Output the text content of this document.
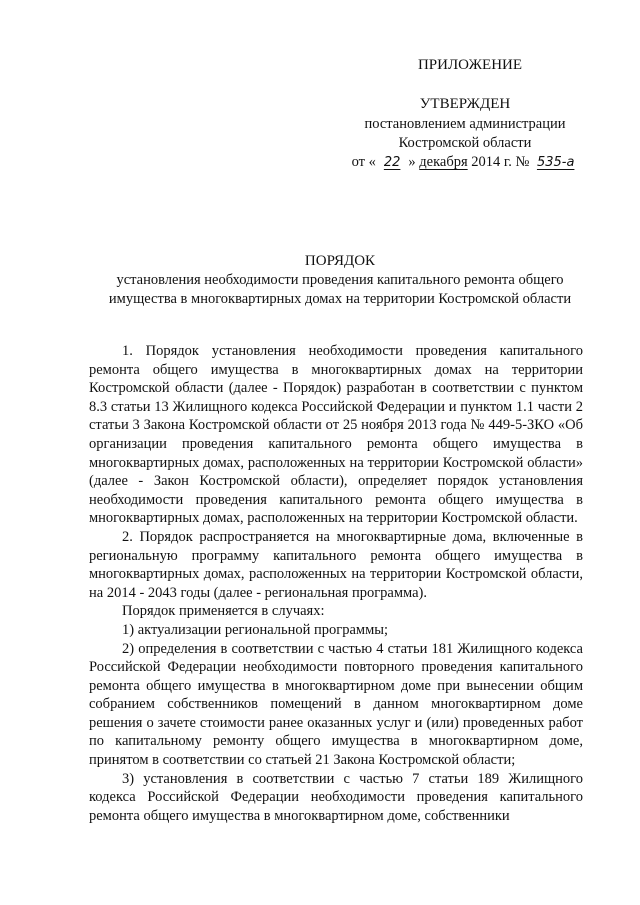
ПРИЛОЖЕНИЕ
УТВЕРЖДЕН
постановлением администрации
Костромской области
от « 22 » декабря 2014 г. № 535-а
ПОРЯДОК
установления необходимости проведения капитального ремонта общего
имущества в многоквартирных домах на территории Костромской области

1. Порядок установления необходимости проведения капитального ремонта общего имущества в многоквартирных домах на территории Костромской области (далее - Порядок) разработан в соответствии с пунктом 8.3 статьи 13 Жилищного кодекса Российской Федерации и пунктом 1.1 части 2 статьи 3 Закона Костромской области от 25 ноября 2013 года № 449-5-ЗКО «Об организации проведения капитального ремонта общего имущества в многоквартирных домах, расположенных на территории Костромской области» (далее - Закон Костромской области), определяет порядок установления необходимости проведения капитального ремонта общего имущества в многоквартирных домах, расположенных на территории Костромской области.

2. Порядок распространяется на многоквартирные дома, включенные в региональную программу капитального ремонта общего имущества в многоквартирных домах, расположенных на территории Костромской области, на 2014 - 2043 годы (далее - региональная программа).

Порядок применяется в случаях:

1) актуализации региональной программы;

2) определения в соответствии с частью 4 статьи 181 Жилищного кодекса Российской Федерации необходимости повторного проведения капитального ремонта общего имущества в многоквартирном доме при вынесении общим собранием собственников помещений в данном многоквартирном доме решения о зачете стоимости ранее оказанных услуг и (или) проведенных работ по капитальному ремонту общего имущества в многоквартирном доме, принятом в соответствии со статьей 21 Закона Костромской области;

3) установления в соответствии с частью 7 статьи 189 Жилищного кодекса Российской Федерации необходимости проведения капитального ремонта общего имущества в многоквартирном доме, собственники
